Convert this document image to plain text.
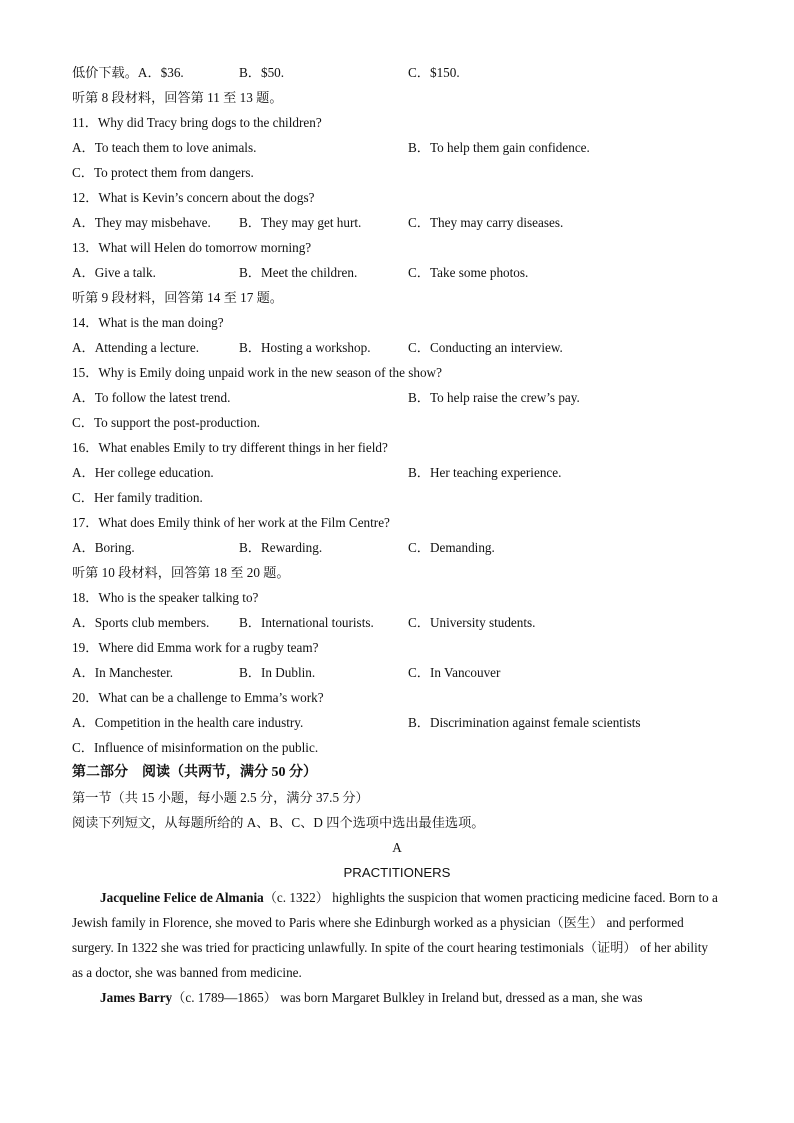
低价下载。A．$36.	B．$50.	C．$150.
听第 8 段材料，回答第 11 至 13 题。
11．Why did Tracy bring dogs to the children?
A．To teach them to love animals.	B．To help them gain confidence.
C．To protect them from dangers.
12．What is Kevin’s concern about the dogs?
A．They may misbehave. B．They may get hurt.	C．They may carry diseases.
13．What will Helen do tomorrow morning?
A．Give a talk.	B．Meet the children.	C．Take some photos.
听第 9 段材料，回答第 14 至 17 题。
14．What is the man doing?
A．Attending a lecture.	B．Hosting a workshop.	C．Conducting an interview.
15．Why is Emily doing unpaid work in the new season of the show?
A．To follow the latest trend.	B．To help raise the crew’s pay.
C．To support the post-production.
16．What enables Emily to try different things in her field?
A．Her college education.	B．Her teaching experience.
C．Her family tradition.
17．What does Emily think of her work at the Film Centre?
A．Boring.	B．Rewarding.	C．Demanding.
听第 10 段材料，回答第 18 至 20 题。
18．Who is the speaker talking to?
A．Sports club members. B．International tourists.	C．University students.
19．Where did Emma work for a rugby team?
A．In Manchester.	B．In Dublin.	C．In Vancouver
20．What can be a challenge to Emma’s work?
A．Competition in the health care industry.	B．Discrimination against female scientists
C．Influence of misinformation on the public.
第二部分　阅读（共两节，满分 50 分）
第一节（共 15 小题，每小题 2.5 分，满分 37.5 分）
阅读下列短文，从每题所给的 A、B、C、D 四个选项中选出最佳选项。
A
PRACTITIONERS

Jacqueline Felice de Almania（c. 1322） highlights the suspicion that women practicing medicine faced. Born to a Jewish family in Florence, she moved to Paris where she Edinburgh worked as a physician（医生） and performed surgery. In 1322 she was tried for practicing unlawfully. In spite of the court hearing testimonials（证明） of her ability as a doctor, she was banned from medicine.

James Barry（c. 1789—1865） was born Margaret Bulkley in Ireland but, dressed as a man, she was
